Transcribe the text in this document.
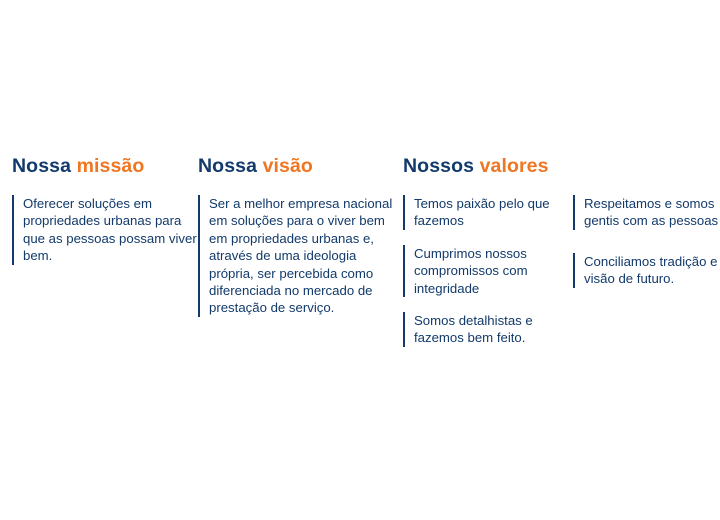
Nossa missão
Oferecer soluções em propriedades urbanas para que as pessoas possam viver bem.
Nossa visão
Ser a melhor empresa nacional em soluções para o viver bem em propriedades urbanas e, através de uma ideologia própria, ser percebida como diferenciada no mercado de prestação de serviço.
Nossos valores
Temos paixão pelo que fazemos
Cumprimos nossos compromissos com integridade
Somos detalhistas e fazemos bem feito.
Respeitamos e somos gentis com as pessoas
Conciliamos tradição e visão de futuro.
